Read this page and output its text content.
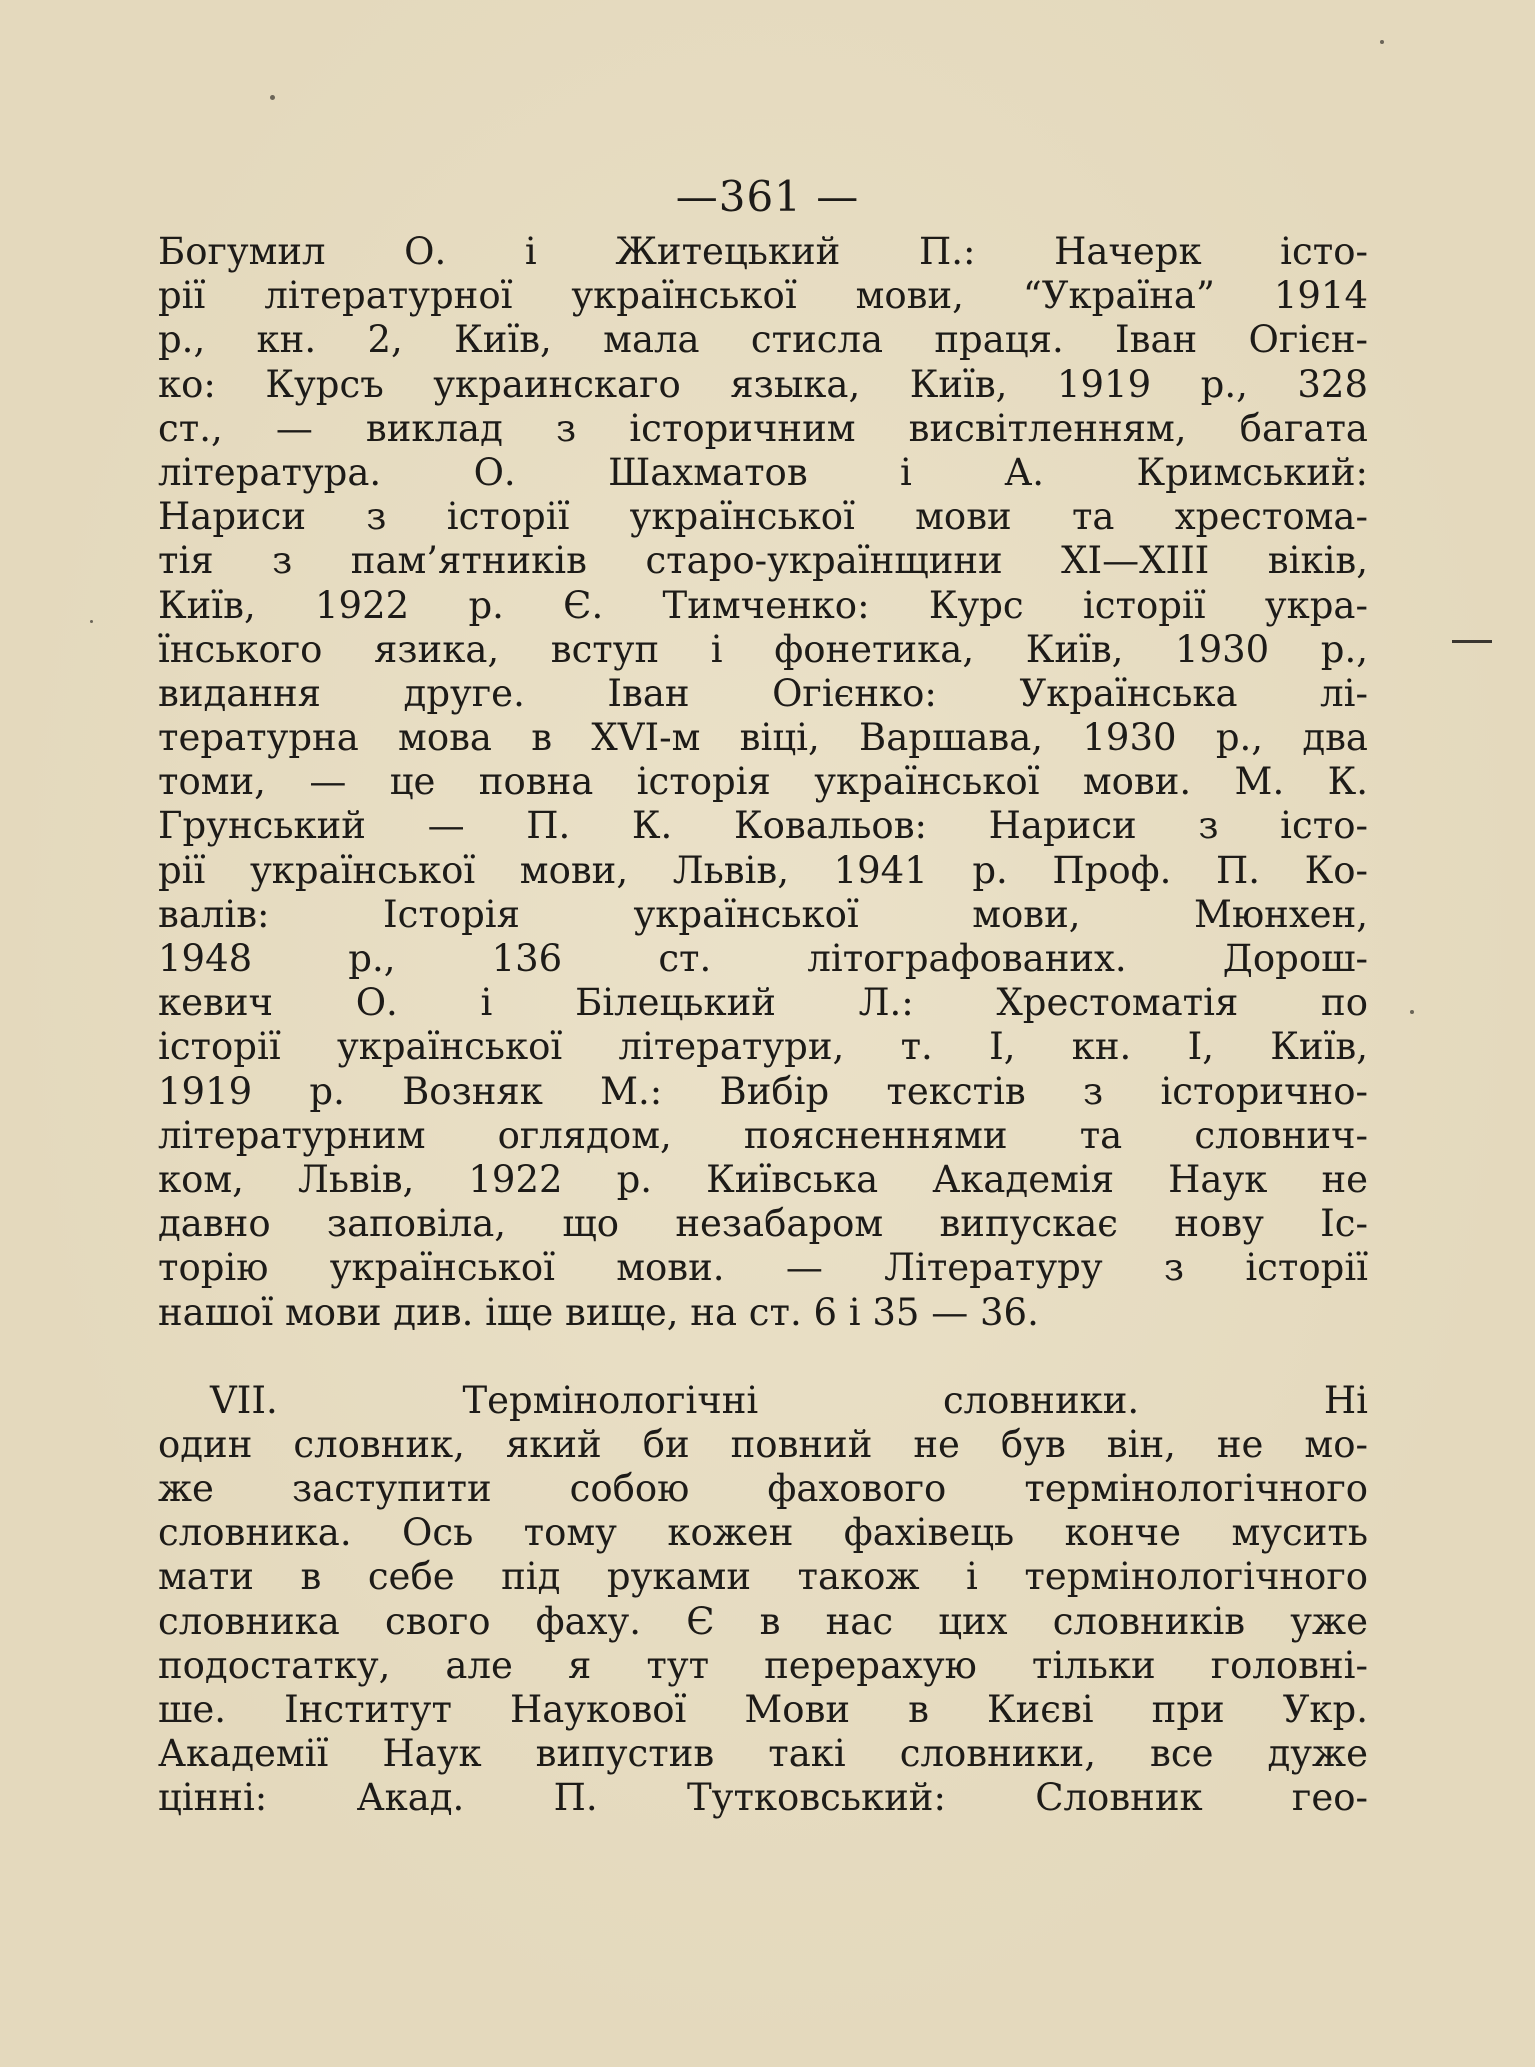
—361 —
Богумил О. і Житецький П.: Начерк істо-
рії літературної української мови, “Україна” 1914
р., кн. 2, Київ, мала стисла праця. Іван Огієн-
ко: Курсъ украинскаго языка, Київ, 1919 р., 328
ст., — виклад з історичним висвітленням, багата
література. О. Шахматов і А. Кримський:
Нариси з історії української мови та хрестома-
тія з пам’ятників старо-українщини XI—XIII віків,
Київ, 1922 р. Є. Тимченко: Курс історії укра-
їнського язика, вступ і фонетика, Київ, 1930 р.,
видання друге. Іван Огієнко: Українська лі-
тературна мова в XVI-м віці, Варшава, 1930 р., два
томи, — це повна історія української мови. М. К.
Грунський — П. К. Ковальов: Нариси з істо-
рії української мови, Львів, 1941 р. Проф. П. Ко-
валів: Історія української мови, Мюнхен,
1948 р., 136 ст. літографованих. Дорош-
кевич О. і Білецький Л.: Хрестоматія по
історії української літератури, т. І, кн. І, Київ,
1919 р. Возняк М.: Вибір текстів з історично-
літературним оглядом, поясненнями та словнич-
ком, Львів, 1922 р. Київська Академія Наук не
давно заповіла, що незабаром випускає нову Іс-
торію української мови. — Літературу з історії
нашої мови див. іще вище, на ст. 6 і 35 — 36.
VII. Термінологічні словники. Ні
один словник, який би повний не був він, не мо-
же заступити собою фахового термінологічного
словника. Ось тому кожен фахівець конче мусить
мати в себе під руками також і термінологічного
словника свого фаху. Є в нас цих словників уже
подостатку, але я тут перерахую тільки головні-
ше. Інститут Наукової Мови в Києві при Укр.
Академії Наук випустив такі словники, все дуже
цінні: Акад. П. Тутковський: Словник гео-
